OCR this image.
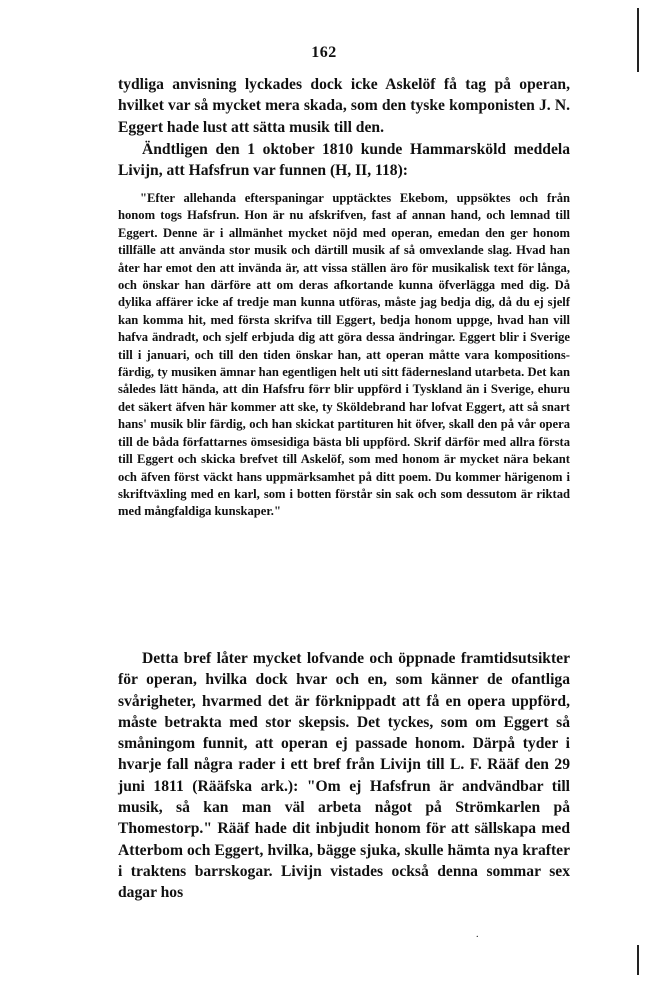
162

tydliga anvisning lyckades dock icke Askelöf få tag på operan, hvilket var så mycket mera skada, som den tyske komponisten J. N. Eggert hade lust att sätta musik till den.

Ändtligen den 1 oktober 1810 kunde Hammarsköld meddela Livijn, att Hafsfrun var funnen (H, II, 118):

"Efter allehanda efterspaningar upptäcktes Ekebom, uppsöktes och från honom togs Hafsfrun. Hon är nu afskrifven, fast af annan hand, och lemnad till Eggert. Denne är i allmänhet mycket nöjd med operan, emedan den ger honom tillfälle att använda stor musik och därtill musik af så omvexlande slag. Hvad han åter har emot den att invända är, att vissa ställen äro för musikalisk text för långa, och önskar han därföre att om deras afkortande kunna öfverlägga med dig. Då dylika affärer icke af tredje man kunna utföras, måste jag bedja dig, då du ej sjelf kan komma hit, med första skrifva till Eggert, bedja honom uppge, hvad han vill hafva ändradt, och sjelf erbjuda dig att göra dessa ändringar. Eggert blir i Sverige till i januari, och till den tiden önskar han, att operan måtte vara kompositionsfärdig, ty musiken ämnar han egentligen helt uti sitt fädernesland utarbeta. Det kan således lätt hända, att din Hafsfru förr blir uppförd i Tyskland än i Sverige, ehuru det säkert äfven här kommer att ske, ty Sköldebrand har lofvat Eggert, att så snart hans' musik blir färdig, och han skickat partituren hit öfver, skall den på vår opera till de båda författarnes ömsesidiga bästa bli uppförd. Skrif därför med allra första till Eggert och skicka brefvet till Askelöf, som med honom är mycket nära bekant och äfven först väckt hans uppmärksamhet på ditt poem. Du kommer härigenom i skriftväxling med en karl, som i botten förstår sin sak och som dessutom är riktad med mångfaldiga kunskaper."

Detta bref låter mycket lofvande och öppnade framtidsutsikter för operan, hvilka dock hvar och en, som känner de ofantliga svårigheter, hvarmed det är förknippadt att få en opera uppförd, måste betrakta med stor skepsis. Det tyckes, som om Eggert så småningom funnit, att operan ej passade honom. Därpå tyder i hvarje fall några rader i ett bref från Livijn till L. F. Rääf den 29 juni 1811 (Rääfska ark.): "Om ej Hafsfrun är andvändbar till musik, så kan man väl arbeta något på Strömkarlen på Thomestorp." Rääf hade dit inbjudit honom för att sällskapa med Atterbom och Eggert, hvilka, bägge sjuka, skulle hämta nya krafter i traktens barrskogar. Livijn vistades också denna sommar sex dagar hos

.
